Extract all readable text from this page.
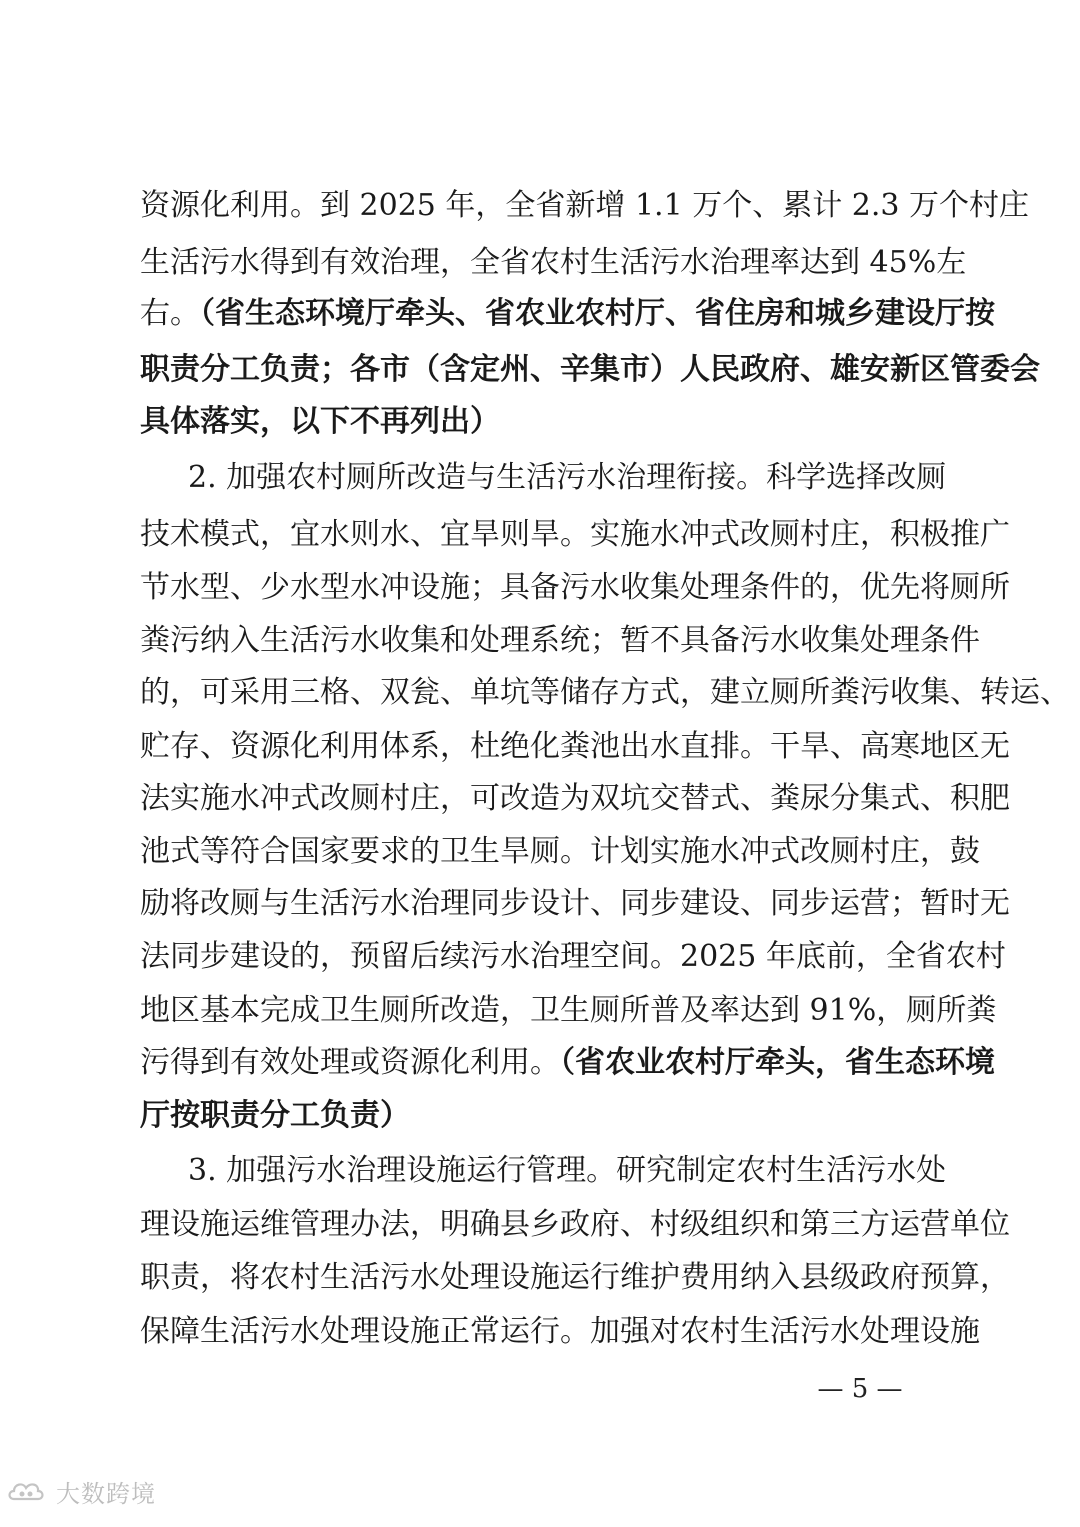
资源化利用。到 2025 年，全省新增 1.1 万个、累计 2.3 万个村庄
生活污水得到有效治理，全省农村生活污水治理率达到 45%左
右。（省生态环境厅牵头、省农业农村厅、省住房和城乡建设厅按
职责分工负责；各市（含定州、辛集市）人民政府、雄安新区管委会
具体落实，以下不再列出）
2. 加强农村厕所改造与生活污水治理衔接。科学选择改厕
技术模式，宜水则水、宜旱则旱。实施水冲式改厕村庄，积极推广
节水型、少水型水冲设施；具备污水收集处理条件的，优先将厕所
粪污纳入生活污水收集和处理系统；暂不具备污水收集处理条件
的，可采用三格、双瓮、单坑等储存方式，建立厕所粪污收集、转运、
贮存、资源化利用体系，杜绝化粪池出水直排。干旱、高寒地区无
法实施水冲式改厕村庄，可改造为双坑交替式、粪尿分集式、积肥
池式等符合国家要求的卫生旱厕。计划实施水冲式改厕村庄，鼓
励将改厕与生活污水治理同步设计、同步建设、同步运营；暂时无
法同步建设的，预留后续污水治理空间。2025 年底前，全省农村
地区基本完成卫生厕所改造，卫生厕所普及率达到 91%，厕所粪
污得到有效处理或资源化利用。（省农业农村厅牵头，省生态环境
厅按职责分工负责）
3. 加强污水治理设施运行管理。研究制定农村生活污水处
理设施运维管理办法，明确县乡政府、村级组织和第三方运营单位
职责，将农村生活污水处理设施运行维护费用纳入县级政府预算，
保障生活污水处理设施正常运行。加强对农村生活污水处理设施
— 5 —
大数跨境
